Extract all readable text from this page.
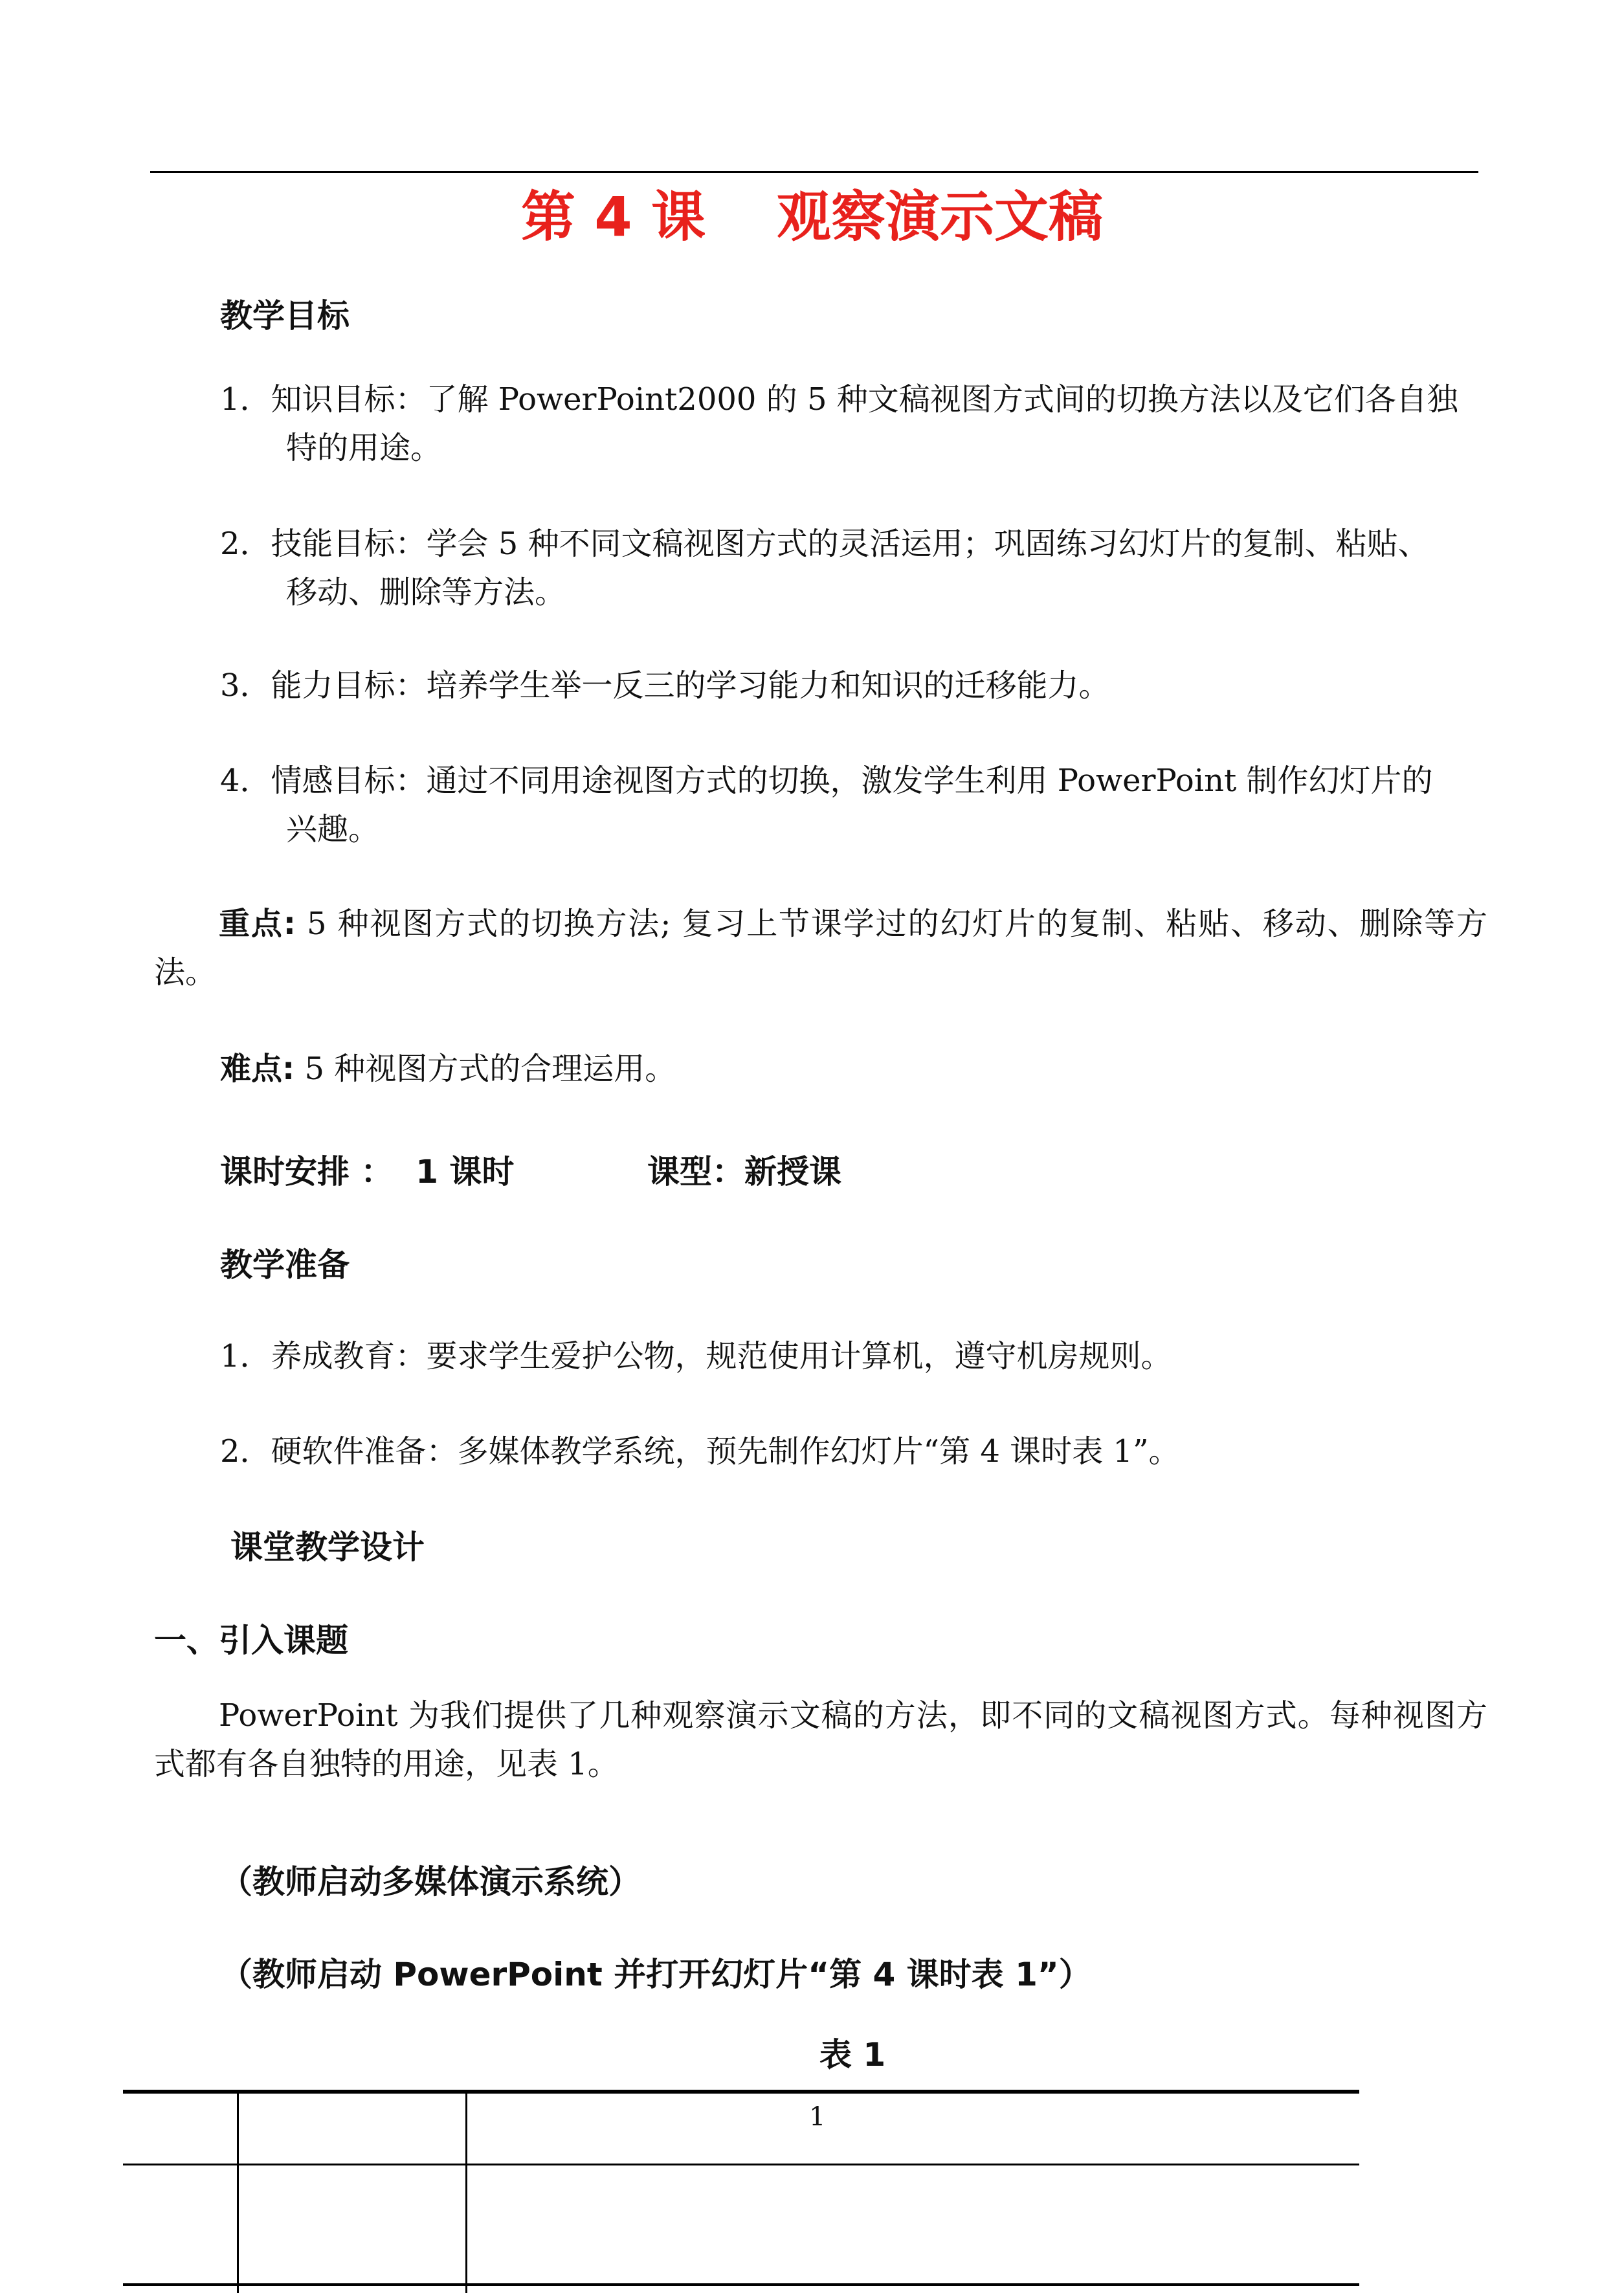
第 4 课 观察演示文稿
教学目标
1．知识目标：了解 PowerPoint2000 的 5 种文稿视图方式间的切换方法以及它们各自独
特的用途。
2．技能目标：学会 5 种不同文稿视图方式的灵活运用；巩固练习幻灯片的复制、粘贴、
移动、删除等方法。
3．能力目标：培养学生举一反三的学习能力和知识的迁移能力。
4．情感目标：通过不同用途视图方式的切换，激发学生利用 PowerPoint 制作幻灯片的
兴趣。
重点: 5 种视图方式的切换方法; 复习上节课学过的幻灯片的复制、粘贴、移动、删除等方法。
难点: 5 种视图方式的合理运用。
课时安排 ：  1 课时	课型：新授课
教学准备
1．养成教育：要求学生爱护公物，规范使用计算机，遵守机房规则。
2．硬软件准备：多媒体教学系统，预先制作幻灯片“第 4 课时表 1”。
课堂教学设计
一、引入课题
PowerPoint 为我们提供了几种观察演示文稿的方法，即不同的文稿视图方式。每种视图方式都有各自独特的用途，见表 1。
（教师启动多媒体演示系统）
（教师启动 PowerPoint 并打开幻灯片“第 4 课时表 1”）
表 1
1
